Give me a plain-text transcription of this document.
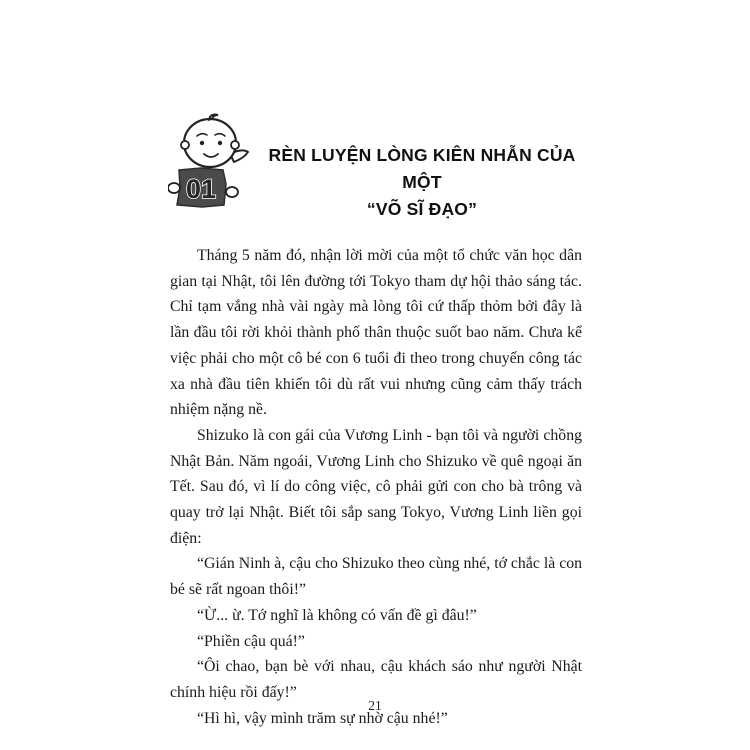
01
RÈN LUYỆN LÒNG KIÊN NHẪN CỦA MỘT
“VÕ SĨ ĐẠO”

Tháng 5 năm đó, nhận lời mời của một tổ chức văn học dân gian tại Nhật, tôi lên đường tới Tokyo tham dự hội thảo sáng tác. Chỉ tạm vắng nhà vài ngày mà lòng tôi cứ thấp thỏm bởi đây là lần đầu tôi rời khỏi thành phố thân thuộc suốt bao năm. Chưa kể việc phải cho một cô bé con 6 tuổi đi theo trong chuyến công tác xa nhà đầu tiên khiến tôi dù rất vui nhưng cũng cảm thấy trách nhiệm nặng nề.

Shizuko là con gái của Vương Linh - bạn tôi và người chồng Nhật Bản. Năm ngoái, Vương Linh cho Shizuko về quê ngoại ăn Tết. Sau đó, vì lí do công việc, cô phải gửi con cho bà trông và quay trở lại Nhật. Biết tôi sắp sang Tokyo, Vương Linh liền gọi điện:

“Gián Ninh à, cậu cho Shizuko theo cùng nhé, tớ chắc là con bé sẽ rất ngoan thôi!”

“Ừ... ừ. Tớ nghĩ là không có vấn đề gì đâu!”

“Phiền cậu quá!”

“Ôi chao, bạn bè với nhau, cậu khách sáo như người Nhật chính hiệu rồi đấy!”

“Hì hì, vậy mình trăm sự nhờ cậu nhé!”

21
